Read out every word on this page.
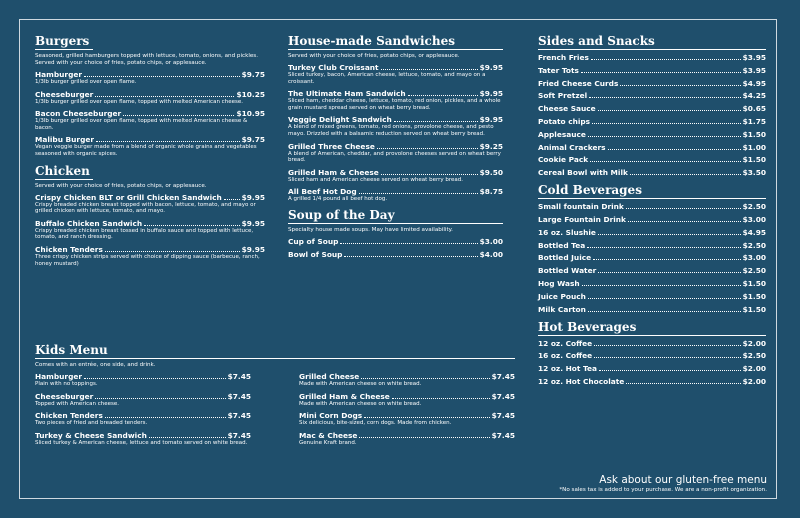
Burgers
Seasoned, grilled hamburgers topped with lettuce, tomato, onions, and pickles. Served with your choice of fries, potato chips, or applesauce.
Hamburger	$9.75
1/3lb burger grilled over open flame.
Cheeseburger	$10.25
1/3lb burger grilled over open flame, topped with melted American cheese.
Bacon Cheeseburger	$10.95
1/3lb burger grilled over open flame, topped with melted American cheese & bacon.
Malibu Burger	$9.75
Vegan veggie burger made from a blend of organic whole grains and vegetables seasoned with organic spices.
Chicken
Served with your choice of fries, potato chips, or applesauce.
Crispy Chicken BLT or Grill Chicken Sandwich	$9.95
Crispy breaded chicken breast topped with bacon, lettuce, tomato, and mayo or grilled chicken with lettuce, tomato, and mayo.
Buffalo Chicken Sandwich	$9.95
Crispy breaded chicken breast tossed in buffalo sauce and topped with lettuce, tomato, and ranch dressing.
Chicken Tenders	$9.95
Three crispy chicken strips served with choice of dipping sauce (barbecue, ranch, honey mustard)
House-made Sandwiches
Served with your choice of fries, potato chips, or applesauce.
Turkey Club Croissant	$9.95
Sliced turkey, bacon, American cheese, lettuce, tomato, and mayo on a croissant.
The Ultimate Ham Sandwich	$9.95
Sliced ham, cheddar cheese, lettuce, tomato, red onion, pickles, and a whole grain mustard spread served on wheat berry bread.
Veggie Delight Sandwich	$9.95
A blend of mixed greens, tomato, red onions, provolone cheese, and pesto mayo. Drizzled with a balsamic reduction served on wheat berry bread.
Grilled Three Cheese	$9.25
A blend of American, cheddar, and provolone cheeses served on wheat berry bread.
Grilled Ham & Cheese	$9.50
Sliced ham and American cheese served on wheat berry bread.
All Beef Hot Dog	$8.75
A grilled 1/4 pound all beef hot dog.
Soup of the Day
Specialty house made soups. May have limited availability.
Cup of Soup	$3.00
Bowl of Soup	$4.00
Sides and Snacks
French Fries	$3.95
Tater Tots	$3.95
Fried Cheese Curds	$4.95
Soft Pretzel	$4.25
Cheese Sauce	$0.65
Potato chips	$1.75
Applesauce	$1.50
Animal Crackers	$1.00
Cookie Pack	$1.50
Cereal Bowl with Milk	$3.50
Cold Beverages
Small fountain Drink	$2.50
Large Fountain Drink	$3.00
16 oz. Slushie	$4.95
Bottled Tea	$2.50
Bottled Juice	$3.00
Bottled Water	$2.50
Hog Wash	$1.50
Juice Pouch	$1.50
Milk Carton	$1.50
Hot Beverages
12 oz. Coffee	$2.00
16 oz. Coffee	$2.50
12 oz. Hot Tea	$2.00
12 oz. Hot Chocolate	$2.00
Kids Menu
Comes with an entrée, one side, and drink.
Hamburger	$7.45
Plain with no toppings.
Cheeseburger	$7.45
Topped with American cheese.
Chicken Tenders	$7.45
Two pieces of fried and breaded tenders.
Turkey & Cheese Sandwich	$7.45
Sliced turkey & American cheese, lettuce and tomato served on white bread.
Grilled Cheese	$7.45
Made with American cheese on white bread.
Grilled Ham & Cheese	$7.45
Made with American cheese on white bread.
Mini Corn Dogs	$7.45
Six delicious, bite-sized, corn dogs. Made from chicken.
Mac & Cheese	$7.45
Genuine Kraft brand.
Ask about our gluten-free menu
*No sales tax is added to your purchase. We are a non-profit organization.
